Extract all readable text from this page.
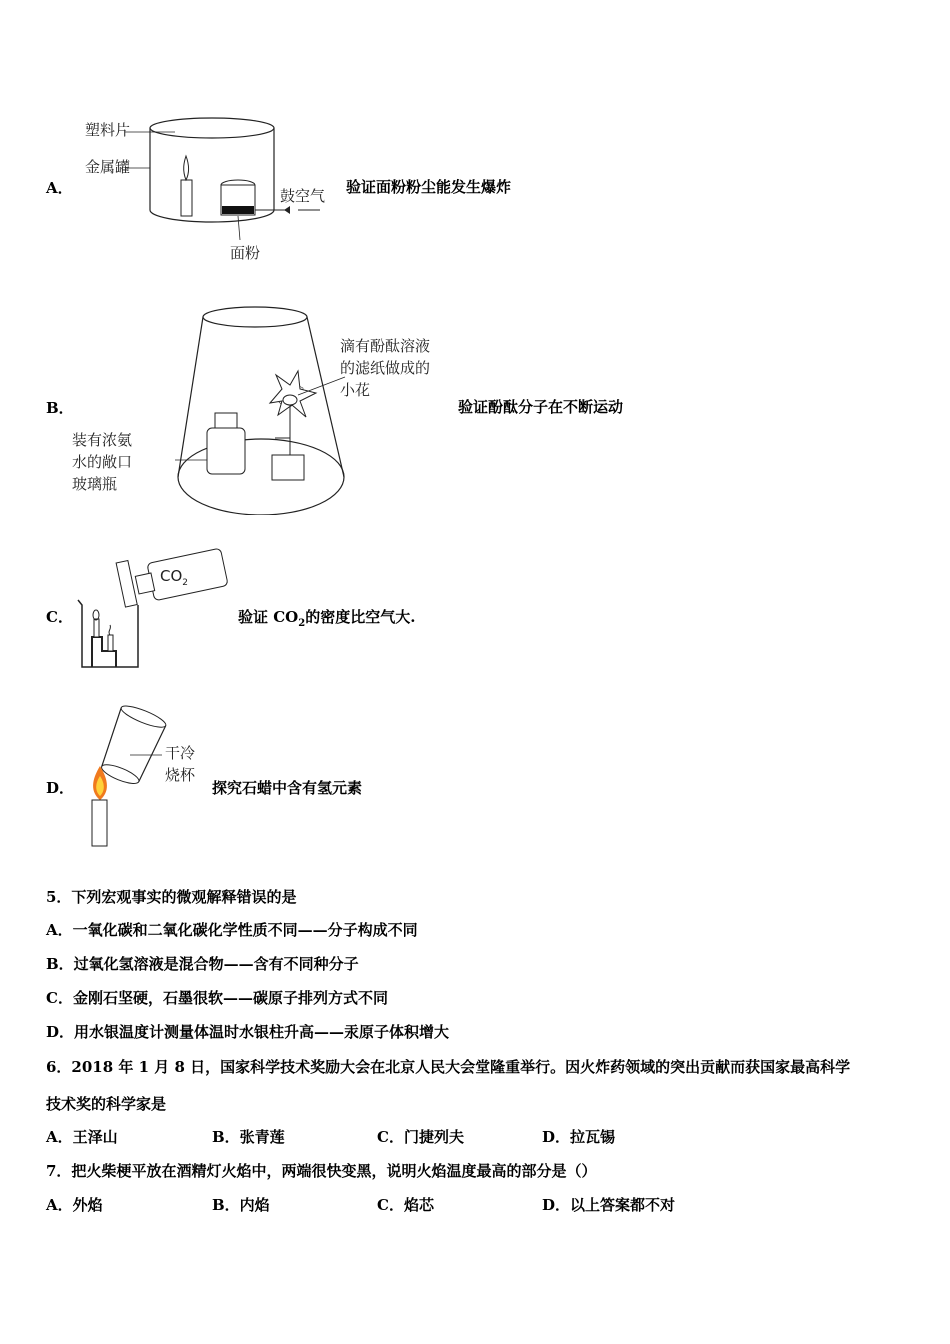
A．
塑料片
金属罐
鼓空气
面粉
验证面粉粉尘能发生爆炸
B．
滴有酚酞溶液
的滤纸做成的
小花
装有浓氨
水的敞口
玻璃瓶
验证酚酞分子在不断运动
C．
$CO_2$
验证 $CO_2$的密度比空气大.
D．
干冷
烧杯
探究石蜡中含有氢元素
5．下列宏观事实的微观解释错误的是
A．一氧化碳和二氧化碳化学性质不同——分子构成不同
B．过氧化氢溶液是混合物——含有不同种分子
C．金刚石坚硬，石墨很软——碳原子排列方式不同
D．用水银温度计测量体温时水银柱升高——汞原子体积增大
6．2018 年 1 月 8 日，国家科学技术奖励大会在北京人民大会堂隆重举行。因火炸药领域的突出贡献而获国家最高科学
技术奖的科学家是
A．王泽山	B．张青莲	C．门捷列夫	D．拉瓦锡
7．把火柴梗平放在酒精灯火焰中，两端很快变黑，说明火焰温度最高的部分是（）
A．外焰	B．内焰	C．焰芯	D．以上答案都不对
